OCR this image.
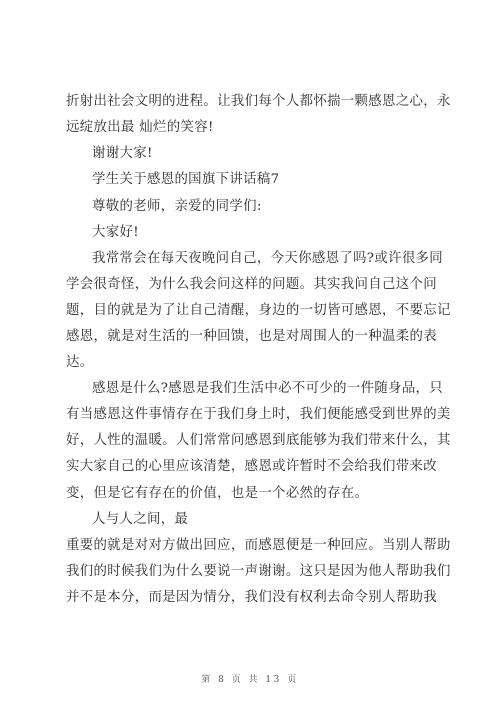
折射出社会文明的进程。让我们每个人都怀揣一颗感恩之心，永
远绽放出最 灿烂的笑容!
谢谢大家!
学生关于感恩的国旗下讲话稿7
尊敬的老师，亲爱的同学们:
大家好!
我常常会在每天夜晚问自己，今天你感恩了吗?或许很多同
学会很奇怪，为什么我会问这样的问题。其实我问自己这个问
题，目的就是为了让自己清醒，身边的一切皆可感恩，不要忘记
感恩，就是对生活的一种回馈，也是对周围人的一种温柔的表
达。
感恩是什么?感恩是我们生活中必不可少的一件随身品，只
有当感恩这件事情存在于我们身上时，我们便能感受到世界的美
好，人性的温暖。人们常常问感恩到底能够为我们带来什么，其
实大家自己的心里应该清楚，感恩或许暂时不会给我们带来改
变，但是它有存在的价值，也是一个必然的存在。
人与人之间，最
重要的就是对对方做出回应，而感恩便是一种回应。当别人帮助
我们的时候我们为什么要说一声谢谢。这只是因为他人帮助我们
并不是本分，而是因为情分，我们没有权利去命令别人帮助我
第 8 页 共 13 页
